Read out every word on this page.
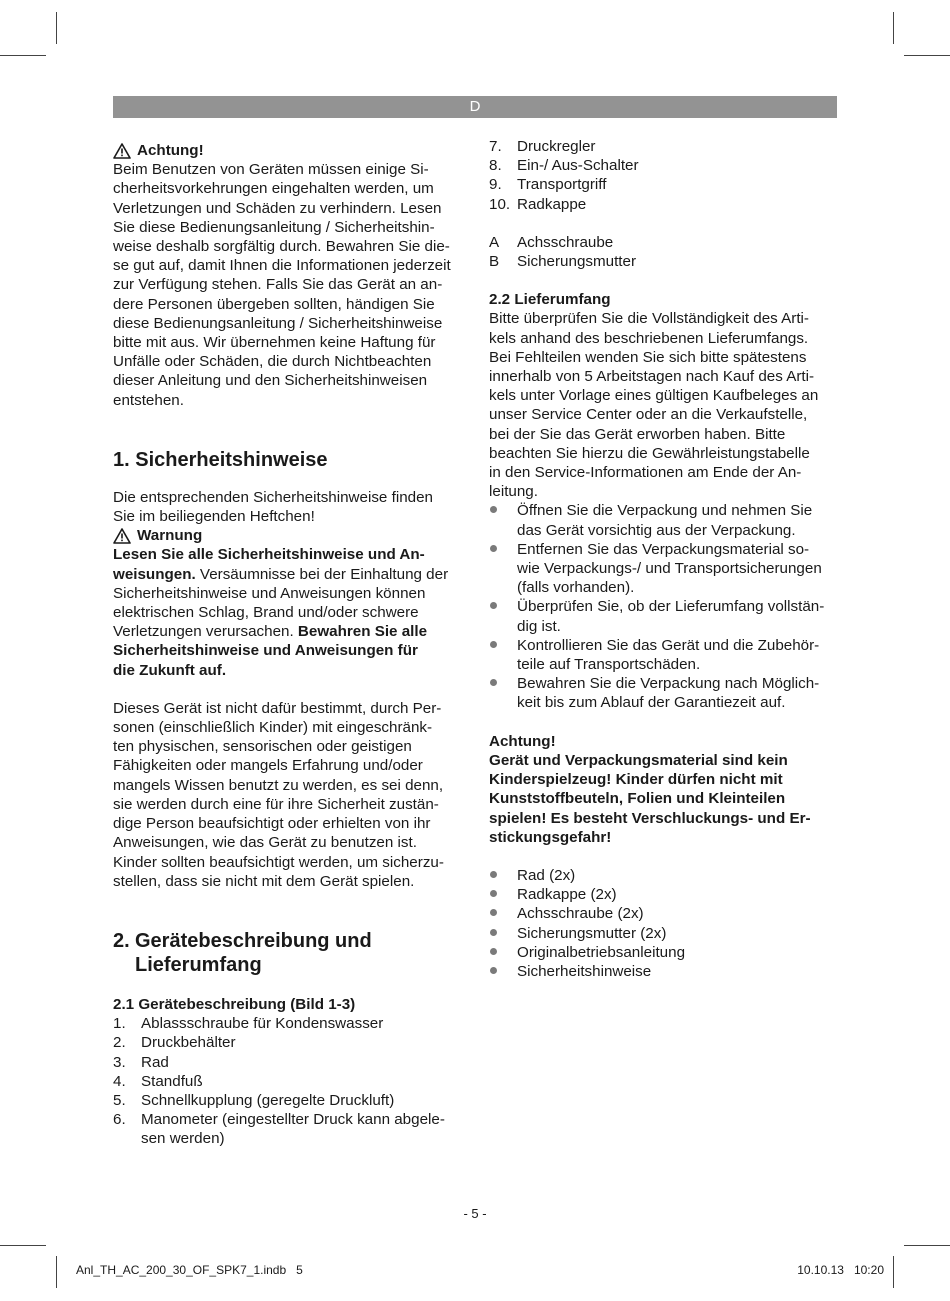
D
Achtung!

Beim Benutzen von Geräten müssen einige Si-

cherheitsvorkehrungen eingehalten werden, um

Verletzungen und Schäden zu verhindern. Lesen

Sie diese Bedienungsanleitung / Sicherheitshin-

weise deshalb sorgfältig durch. Bewahren Sie die-

se gut auf, damit Ihnen die Informationen jederzeit

zur Verfügung stehen. Falls Sie das Gerät an an-

dere Personen übergeben sollten, händigen Sie

diese Bedienungsanleitung / Sicherheitshinweise

bitte mit aus. Wir übernehmen keine Haftung für

Unfälle oder Schäden, die durch Nichtbeachten

dieser Anleitung und den Sicherheitshinweisen

entstehen.

1. Sicherheitshinweise

Die entsprechenden Sicherheitshinweise finden

Sie im beiliegenden Heftchen!

Warnung

Lesen Sie alle Sicherheitshinweise und An-

weisungen. Versäumnisse bei der Einhaltung der

Sicherheitshinweise und Anweisungen können

elektrischen Schlag, Brand und/oder schwere

Verletzungen verursachen. Bewahren Sie alle

Sicherheitshinweise und Anweisungen für

die Zukunft auf.

Dieses Gerät ist nicht dafür bestimmt, durch Per-

sonen (einschließlich Kinder) mit eingeschränk-

ten physischen, sensorischen oder geistigen

Fähigkeiten oder mangels Erfahrung und/oder

mangels Wissen benutzt zu werden, es sei denn,

sie werden durch eine für ihre Sicherheit zustän-

dige Person beaufsichtigt oder erhielten von ihr

Anweisungen, wie das Gerät zu benutzen ist.

Kinder sollten beaufsichtigt werden, um sicherzu-

stellen, dass sie nicht mit dem Gerät spielen.

2. Gerätebeschreibung und
Lieferumfang

2.1 Gerätebeschreibung (Bild 1-3)

1.	Ablassschraube für Kondenswasser
2.	Druckbehälter
3.	Rad
4.	Standfuß
5.	Schnellkupplung (geregelte Druckluft)
6.	Manometer (eingestellter Druck kann abgele-
sen werden)
7.	Druckregler
8.	Ein-/ Aus-Schalter
9.	Transportgriff
10. Radkappe
A	Achsschraube
B	Sicherungsmutter

2.2 Lieferumfang

Bitte überprüfen Sie die Vollständigkeit des Arti-

kels anhand des beschriebenen Lieferumfangs.

Bei Fehlteilen wenden Sie sich bitte spätestens

innerhalb von 5 Arbeitstagen nach Kauf des Arti-

kels unter Vorlage eines gültigen Kaufbeleges an

unser Service Center oder an die Verkaufstelle,

bei der Sie das Gerät erworben haben. Bitte

beachten Sie hierzu die Gewährleistungstabelle

in den Service-Informationen am Ende der An-

leitung.

Öffnen Sie die Verpackung und nehmen Sie

das Gerät vorsichtig aus der Verpackung.

Entfernen Sie das Verpackungsmaterial so-

wie Verpackungs-/ und Transportsicherungen

(falls vorhanden).

Überprüfen Sie, ob der Lieferumfang vollstän-

dig ist.

Kontrollieren Sie das Gerät und die Zubehör-

teile auf Transportschäden.

Bewahren Sie die Verpackung nach Möglich-

keit bis zum Ablauf der Garantiezeit auf.

Achtung!

Gerät und Verpackungsmaterial sind kein

Kinderspielzeug! Kinder dürfen nicht mit

Kunststoffbeuteln, Folien und Kleinteilen

spielen! Es besteht Verschluckungs- und Er-

stickungsgefahr!

Rad (2x)
Radkappe (2x)
Achsschraube (2x)
Sicherungsmutter (2x)
Originalbetriebsanleitung
Sicherheitshinweise
- 5 -
Anl_TH_AC_200_30_OF_SPK7_1.indb   5	10.10.13   10:20
